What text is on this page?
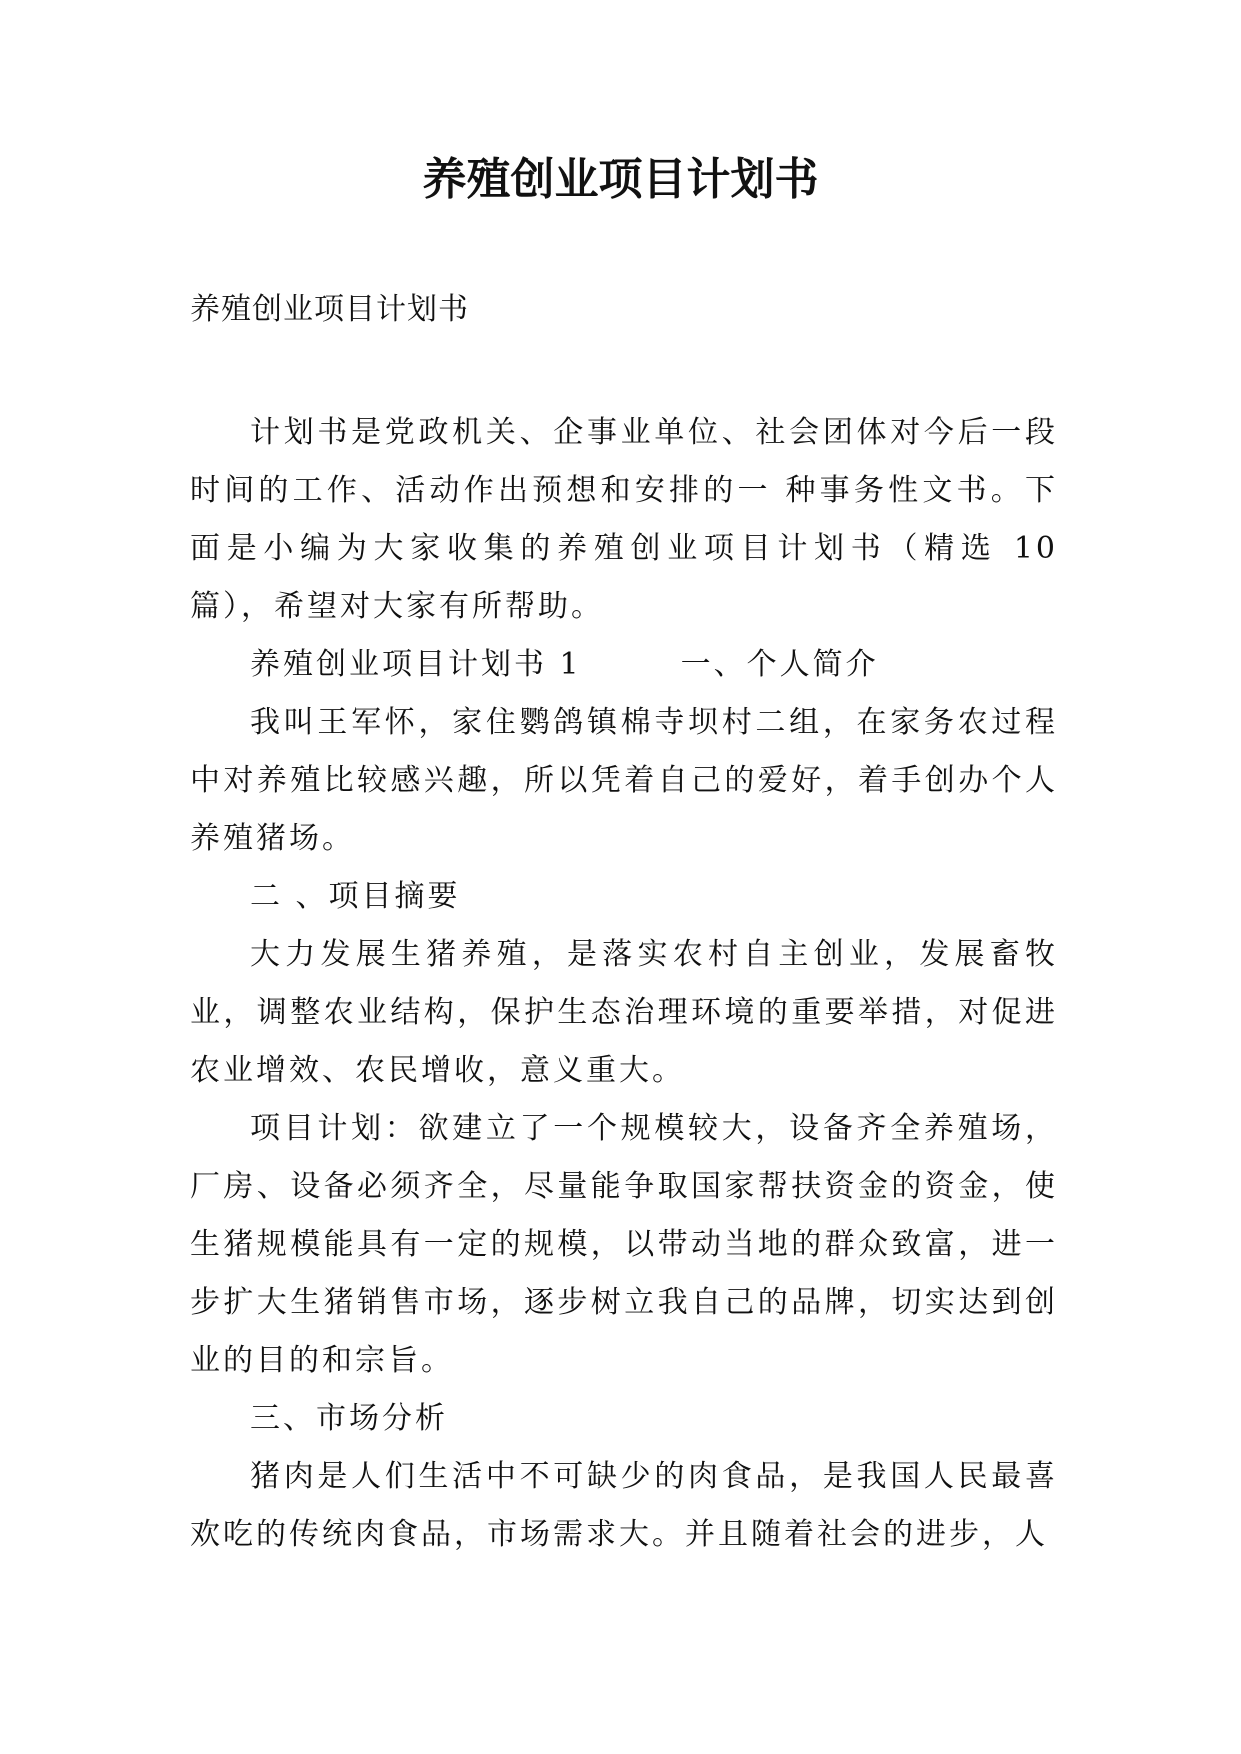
养殖创业项目计划书

养殖创业项目计划书

计划书是党政机关、企事业单位、社会团体对今后一段时间的工作、活动作出预想和安排的一 种事务性文书。下面是小编为大家收集的养殖创业项目计划书（精选 10 篇），希望对大家有所帮助。

养殖创业项目计划书 1　　　一、个人简介

我叫王军怀，家住鹦鸽镇棉寺坝村二组，在家务农过程中对养殖比较感兴趣，所以凭着自己的爱好，着手创办个人养殖猪场。

二 、项目摘要

大力发展生猪养殖，是落实农村自主创业，发展畜牧业，调整农业结构，保护生态治理环境的重要举措，对促进农业增效、农民增收，意义重大。

项目计划：欲建立了一个规模较大，设备齐全养殖场，厂房、设备必须齐全，尽量能争取国家帮扶资金的资金，使生猪规模能具有一定的规模，以带动当地的群众致富，进一步扩大生猪销售市场，逐步树立我自己的品牌，切实达到创业的目的和宗旨。

三、市场分析

猪肉是人们生活中不可缺少的肉食品，是我国人民最喜欢吃的传统肉食品，市场需求大。并且随着社会的进步，人
